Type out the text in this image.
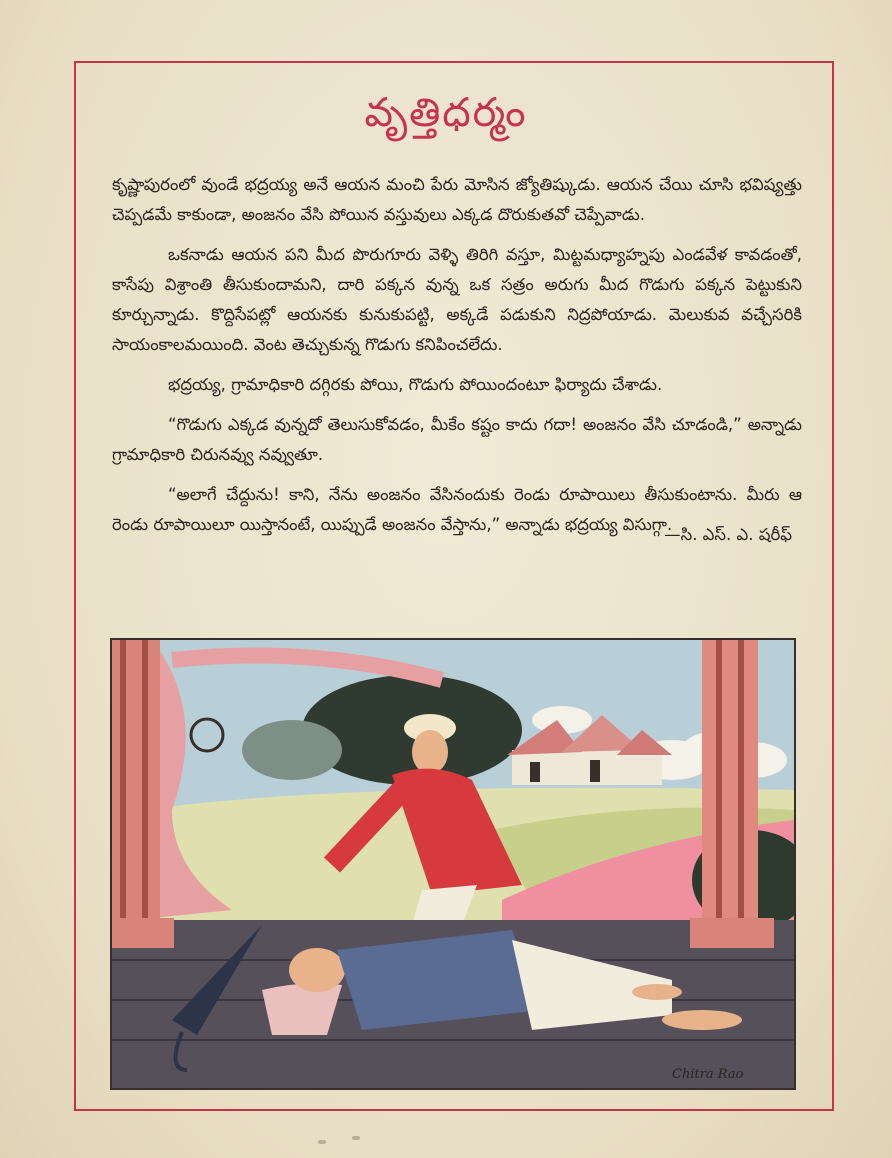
వృత్తిధర్మం

కృష్ణాపురంలో వుండే భద్రయ్య అనే ఆయన మంచి పేరు మోసిన జ్యోతిష్కుడు. ఆయన చేయి చూసి భవిష్యత్తు చెప్పడమే కాకుండా, అంజనం వేసి పోయిన వస్తువులు ఎక్కడ దొరుకుతవో చెప్పేవాడు.

ఒకనాడు ఆయన పని మీద పొరుగూరు వెళ్ళి తిరిగి వస్తూ, మిట్టమధ్యాహ్నపు ఎండవేళ కావడంతో, కాసేపు విశ్రాంతి తీసుకుందామని, దారి పక్కన వున్న ఒక సత్రం అరుగు మీద గొడుగు పక్కన పెట్టుకుని కూర్చున్నాడు. కొద్దిసేపట్లో ఆయనకు కునుకుపట్టి, అక్కడే పడుకుని నిద్రపోయాడు. మెలుకువ వచ్చేసరికి సాయంకాలమయింది. వెంట తెచ్చుకున్న గొడుగు కనిపించలేదు.

భద్రయ్య, గ్రామాధికారి దగ్గిరకు పోయి, గొడుగు పోయిందంటూ ఫిర్యాదు చేశాడు.

“గొడుగు ఎక్కడ వున్నదో తెలుసుకోవడం, మీకేం కష్టం కాదు గదా! అంజనం వేసి చూడండి,” అన్నాడు గ్రామాధికారి చిరునవ్వు నవ్వుతూ.

“అలాగే చేద్దును! కాని, నేను అంజనం వేసినందుకు రెండు రూపాయిలు తీసుకుంటాను. మీరు ఆ రెండు రూపాయిలూ యిస్తానంటే, యిప్పుడే అంజనం వేస్తాను,” అన్నాడు భద్రయ్య విసుగ్గా.

—సి. ఎస్. ఎ. షరీఫ్
Chitra Rao
